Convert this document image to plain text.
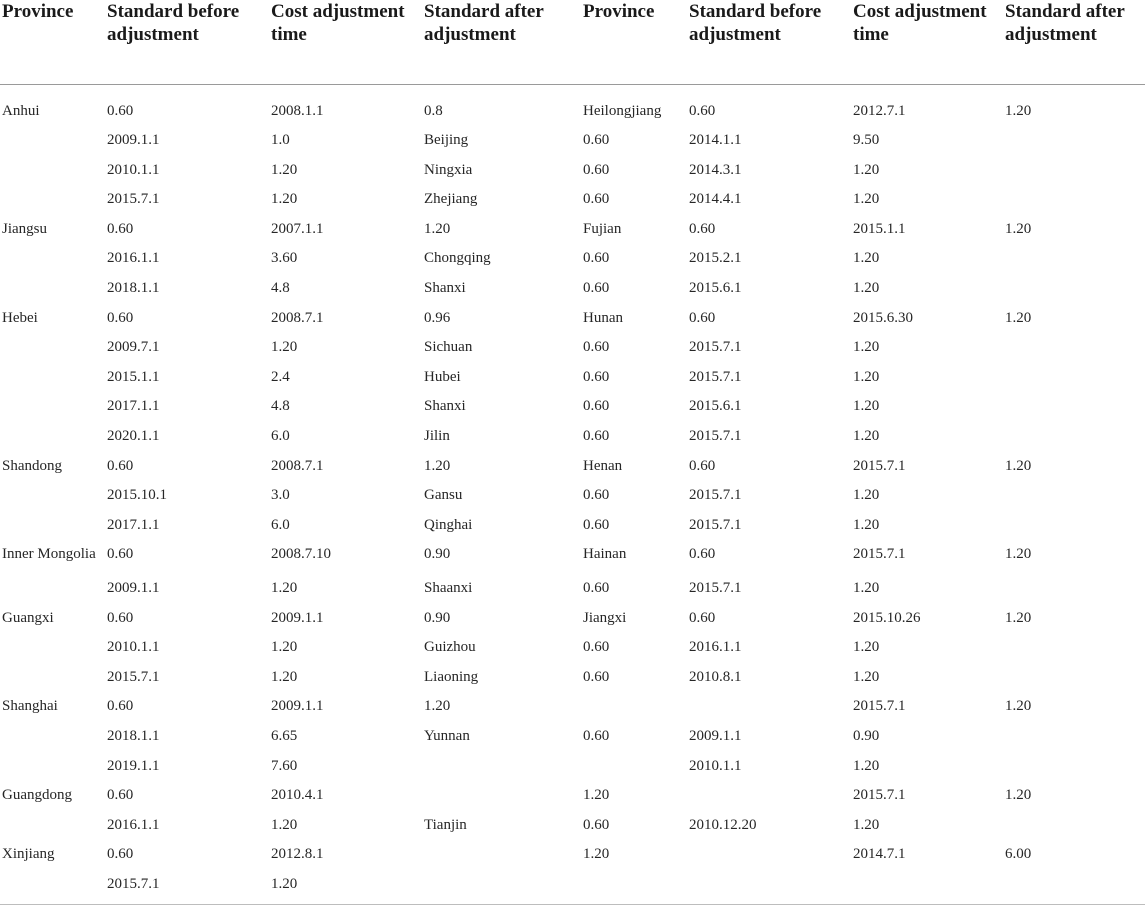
Province	Standard before adjustment	Cost adjustment time	Standard after adjustment	Province	Standard before adjustment	Cost adjustment time	Standard after adjustment
Anhui	0.60	2008.1.1	0.8	Heilongjiang	0.60	2012.7.1	1.20
	2009.1.1	1.0	Beijing	0.60	2014.1.1	9.50	
	2010.1.1	1.20	Ningxia	0.60	2014.3.1	1.20	
	2015.7.1	1.20	Zhejiang	0.60	2014.4.1	1.20	
Jiangsu	0.60	2007.1.1	1.20	Fujian	0.60	2015.1.1	1.20
	2016.1.1	3.60	Chongqing	0.60	2015.2.1	1.20	
	2018.1.1	4.8	Shanxi	0.60	2015.6.1	1.20	
Hebei	0.60	2008.7.1	0.96	Hunan	0.60	2015.6.30	1.20
	2009.7.1	1.20	Sichuan	0.60	2015.7.1	1.20	
	2015.1.1	2.4	Hubei	0.60	2015.7.1	1.20	
	2017.1.1	4.8	Shanxi	0.60	2015.6.1	1.20	
	2020.1.1	6.0	Jilin	0.60	2015.7.1	1.20	
Shandong	0.60	2008.7.1	1.20	Henan	0.60	2015.7.1	1.20
	2015.10.1	3.0	Gansu	0.60	2015.7.1	1.20	
	2017.1.1	6.0	Qinghai	0.60	2015.7.1	1.20	
Inner Mongolia	0.60	2008.7.10	0.90	Hainan	0.60	2015.7.1	1.20
	2009.1.1	1.20	Shaanxi	0.60	2015.7.1	1.20	
Guangxi	0.60	2009.1.1	0.90	Jiangxi	0.60	2015.10.26	1.20
	2010.1.1	1.20	Guizhou	0.60	2016.1.1	1.20	
	2015.7.1	1.20	Liaoning	0.60	2010.8.1	1.20	
Shanghai	0.60	2009.1.1	1.20			2015.7.1	1.20
	2018.1.1	6.65	Yunnan	0.60	2009.1.1	0.90	
	2019.1.1	7.60			2010.1.1	1.20	
Guangdong	0.60	2010.4.1		1.20		2015.7.1	1.20
	2016.1.1	1.20	Tianjin	0.60	2010.12.20	1.20	
Xinjiang	0.60	2012.8.1		1.20		2014.7.1	6.00
	2015.7.1	1.20					
